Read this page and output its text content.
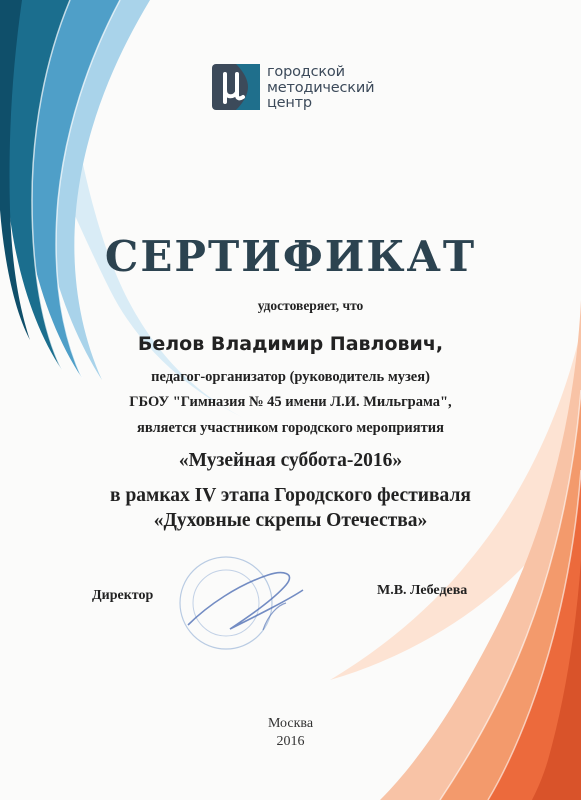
городской
методический
центр
СЕРТИФИКАТ
удостоверяет, что
Белов Владимир Павлович,
педагог-организатор (руководитель музея)
ГБОУ "Гимназия № 45 имени Л.И. Мильграма",
является участником городского мероприятия
«Музейная суббота-2016»
в рамках IV этапа Городского фестиваля
«Духовные скрепы Отечества»
Директор	М.В. Лебедева
Москва
2016
